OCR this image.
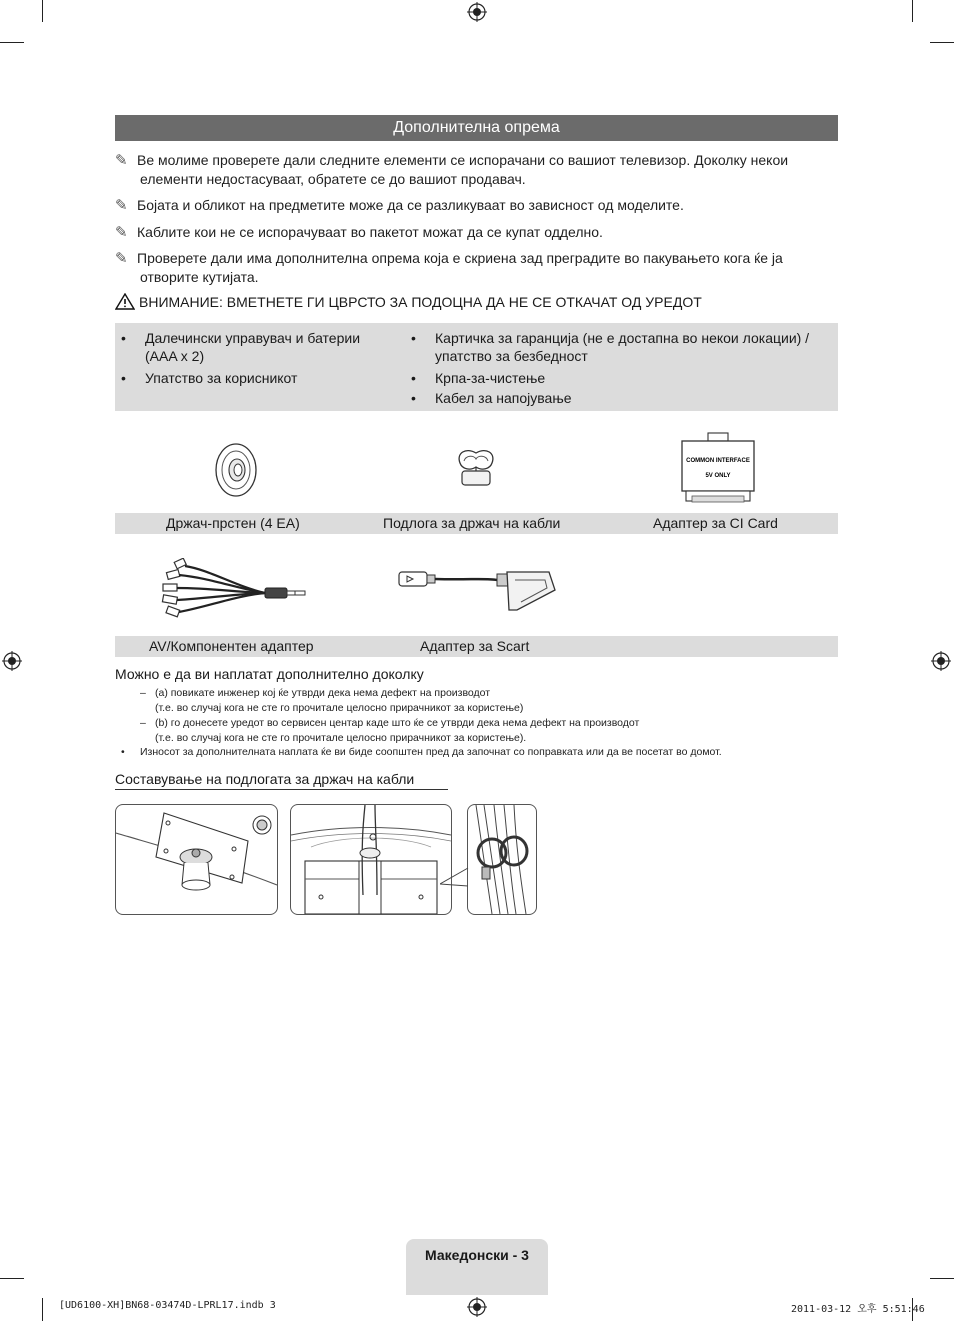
Дополнителна опрема
✎ Ве молиме проверете дали следните елементи се испорачани со вашиот телевизор. Доколку некои
елементи недостасуваат, обратете се до вашиот продавач.
✎ Бојата и обликот на предметите може да се разликуваат во зависност од моделите.
✎ Каблите кои не се испорачуваат во пакетот можат да се купат одделно.
✎ Проверете дали има дополнителна опрема која е скриена зад преградите во пакувањето кога ќе ја
отворите кутијата.
ВНИМАНИЕ: ВМЕТНЕТЕ ГИ ЦВРСТО ЗА ПОДОЦНА ДА НЕ СЕ ОТКАЧАТ ОД УРЕДОТ
• Далечински управувач и батерии
(AAA x 2)
• Упатство за корисникот
• Картичка за гаранција (не е достапна во некои локации) /
упатство за безбедност
• Крпа-за-чистење
• Кабел за напојување
COMMON INTERFACE
5V ONLY
Држач-прстен (4 EA)	Подлога за држач на кабли	Адаптер за CI Card
AV/Компонентен адаптер	Адаптер за Scart
Можно е да ви наплатат дополнително доколку
– (a) повикате инженер кој ќе утврди дека нема дефект на производот
(т.е. во случај кога не сте го прочитале целосно прирачникот за користење)
– (b) го донесете уредот во сервисен центар каде што ќе се утврди дека нема дефект на производот
(т.е. во случај кога не сте го прочитале целосно прирачникот за користење).
• Износот за дополнителната наплата ќе ви биде соопштен пред да започнат со поправката или да ве посетат во домот.
Составување на подлогата за држач на кабли
Македонски - 3
[UD6100-XH]BN68-03474D-LPRL17.indb 3	2011-03-12 오후 5:51:46
